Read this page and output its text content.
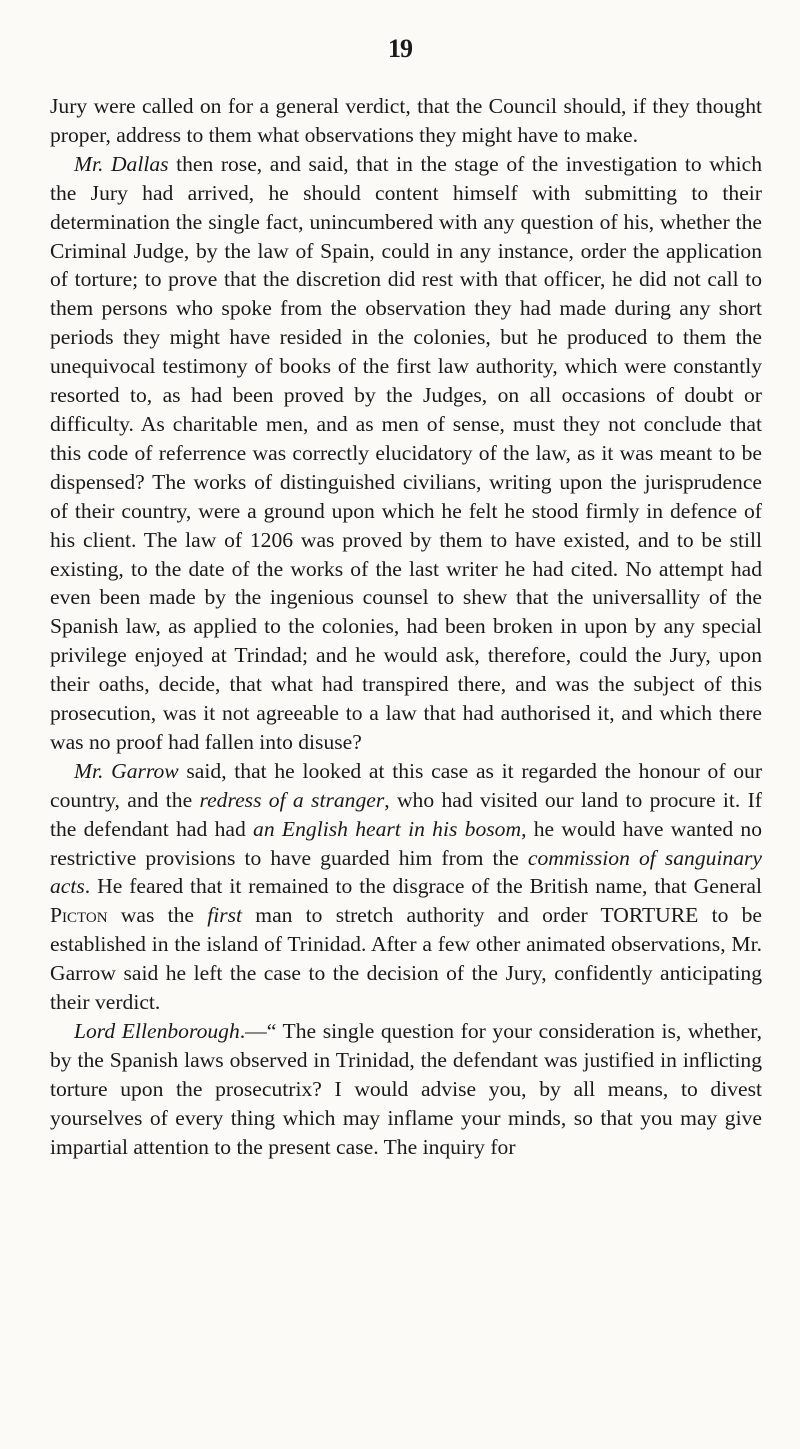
19

Jury were called on for a general verdict, that the Council should, if they thought proper, address to them what observations they might have to make.

Mr. Dallas then rose, and said, that in the stage of the investigation to which the Jury had arrived, he should content himself with submitting to their determination the single fact, unincumbered with any question of his, whether the Criminal Judge, by the law of Spain, could in any instance, order the application of torture; to prove that the discretion did rest with that officer, he did not call to them persons who spoke from the observation they had made during any short periods they might have resided in the colonies, but he produced to them the unequivocal testimony of books of the first law authority, which were constantly resorted to, as had been proved by the Judges, on all occasions of doubt or difficulty. As charitable men, and as men of sense, must they not conclude that this code of referrence was correctly elucidatory of the law, as it was meant to be dispensed? The works of distinguished civilians, writing upon the jurisprudence of their country, were a ground upon which he felt he stood firmly in defence of his client. The law of 1206 was proved by them to have existed, and to be still existing, to the date of the works of the last writer he had cited. No attempt had even been made by the ingenious counsel to shew that the universallity of the Spanish law, as applied to the colonies, had been broken in upon by any special privilege enjoyed at Trindad; and he would ask, therefore, could the Jury, upon their oaths, decide, that what had transpired there, and was the subject of this prosecution, was it not agreeable to a law that had authorised it, and which there was no proof had fallen into disuse?

Mr. Garrow said, that he looked at this case as it regarded the honour of our country, and the redress of a stranger, who had visited our land to procure it. If the defendant had had an English heart in his bosom, he would have wanted no restrictive provisions to have guarded him from the commission of sanguinary acts. He feared that it remained to the disgrace of the British name, that General Picton was the first man to stretch authority and order TORTURE to be established in the island of Trinidad. After a few other animated observations, Mr. Garrow said he left the case to the decision of the Jury, confidently anticipating their verdict.

Lord Ellenborough.—“ The single question for your consideration is, whether, by the Spanish laws observed in Trinidad, the defendant was justified in inflicting torture upon the prosecutrix? I would advise you, by all means, to divest yourselves of every thing which may inflame your minds, so that you may give impartial attention to the present case. The inquiry for
